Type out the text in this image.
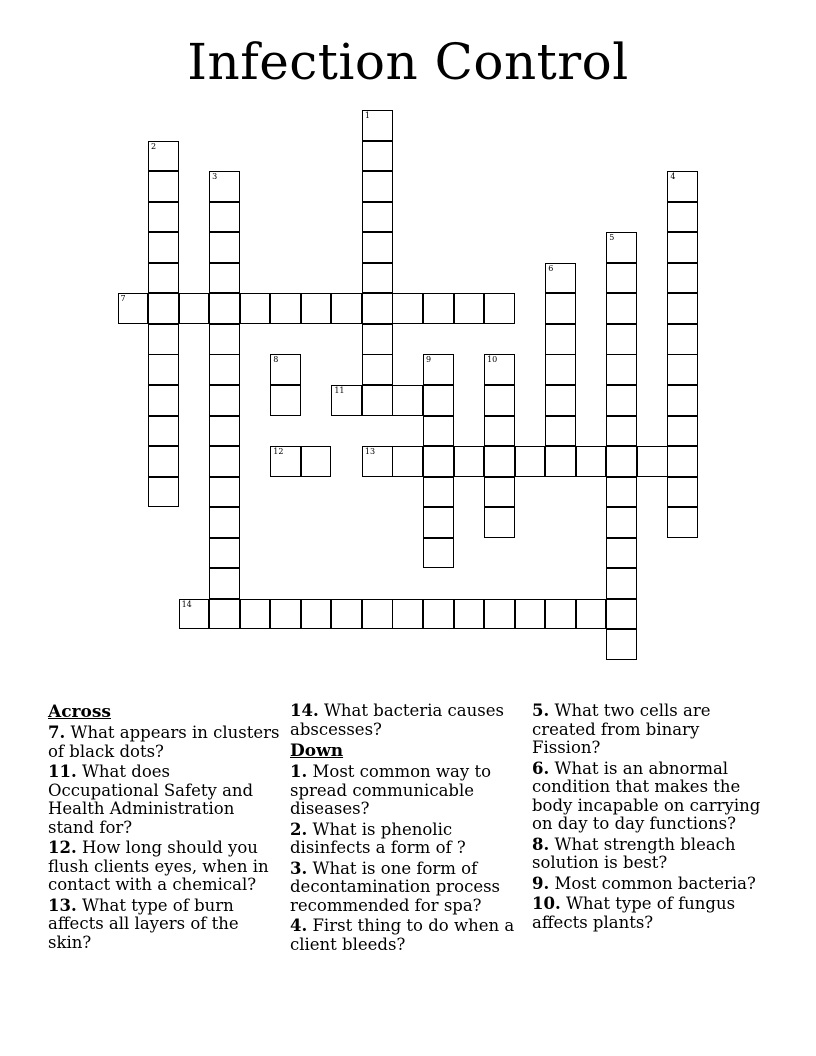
Infection Control
1
2
3	4
5
6
7
8	9	10
11
12	13
14
Across
7. What appears in clusters of black dots?
11. What does Occupational Safety and Health Administration stand for?
12. How long should you flush clients eyes, when in contact with a chemical?
13. What type of burn affects all layers of the skin?
14. What bacteria causes abscesses?
Down
1. Most common way to spread communicable diseases?
2. What is phenolic disinfects a form of ?
3. What is one form of decontamination process recommended for spa?
4. First thing to do when a client bleeds?
5. What two cells are created from binary Fission?
6. What is an abnormal condition that makes the body incapable on carrying on day to day functions?
8. What strength bleach solution is best?
9. Most common bacteria?
10. What type of fungus affects plants?
